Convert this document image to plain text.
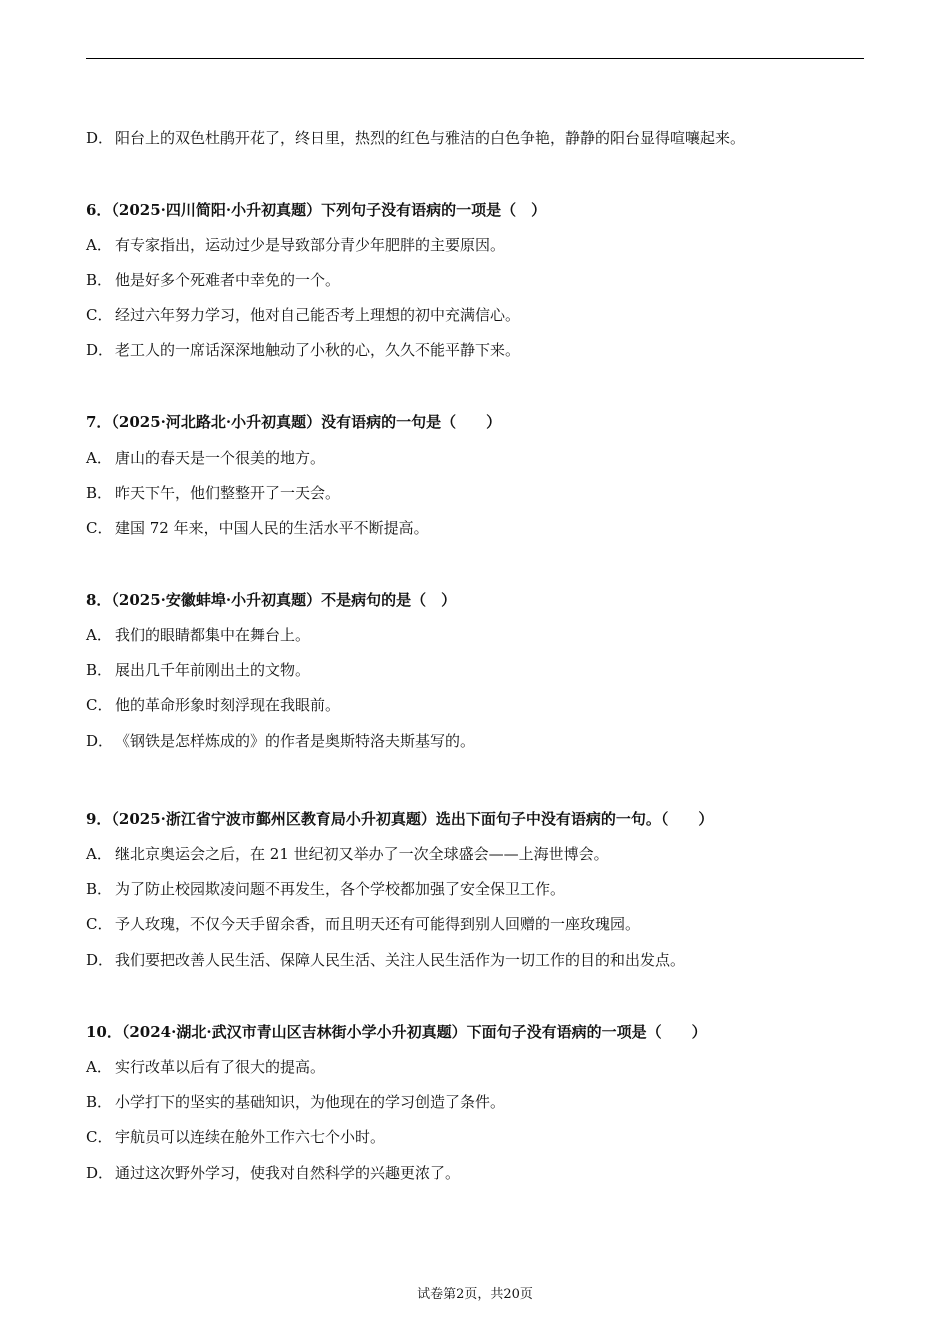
D． 阳台上的双色杜鹃开花了，终日里，热烈的红色与雅洁的白色争艳，静静的阳台显得喧嚷起来。
6．（2025·四川简阳·小升初真题）下列句子没有语病的一项是（　）
A． 有专家指出，运动过少是导致部分青少年肥胖的主要原因。
B． 他是好多个死难者中幸免的一个。
C． 经过六年努力学习，他对自己能否考上理想的初中充满信心。
D． 老工人的一席话深深地触动了小秋的心，久久不能平静下来。
7．（2025·河北路北·小升初真题）没有语病的一句是（　　）
A． 唐山的春天是一个很美的地方。
B． 昨天下午，他们整整开了一天会。
C． 建国 72 年来，中国人民的生活水平不断提高。
8．（2025·安徽蚌埠·小升初真题）不是病句的是（　）
A． 我们的眼睛都集中在舞台上。
B． 展出几千年前刚出土的文物。
C． 他的革命形象时刻浮现在我眼前。
D． 《钢铁是怎样炼成的》的作者是奥斯特洛夫斯基写的。
9．（2025·浙江省宁波市鄞州区教育局小升初真题）选出下面句子中没有语病的一句。（　　）
A． 继北京奥运会之后，在 21 世纪初又举办了一次全球盛会——上海世博会。
B． 为了防止校园欺凌问题不再发生，各个学校都加强了安全保卫工作。
C． 予人玫瑰，不仅今天手留余香，而且明天还有可能得到别人回赠的一座玫瑰园。
D． 我们要把改善人民生活、保障人民生活、关注人民生活作为一切工作的目的和出发点。
10．（2024·湖北·武汉市青山区吉林街小学小升初真题）下面句子没有语病的一项是（　　）
A． 实行改革以后有了很大的提高。
B． 小学打下的坚实的基础知识，为他现在的学习创造了条件。
C． 宇航员可以连续在舱外工作六七个小时。
D． 通过这次野外学习，使我对自然科学的兴趣更浓了。
试卷第2页，共20页
